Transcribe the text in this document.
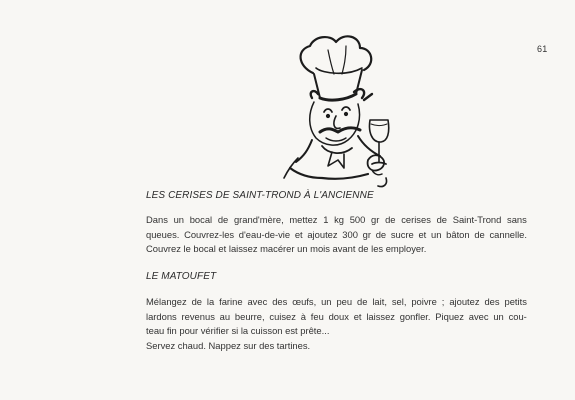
61
LES CERISES DE SAINT-TROND À L'ANCIENNE

Dans un bocal de grand'mère, mettez 1 kg 500 gr de cerises de Saint-Trond sans
queues. Couvrez-les d'eau-de-vie et ajoutez 300 gr de sucre et un bâton de cannelle.
Couvrez le bocal et laissez macérer un mois avant de les employer.

LE MATOUFET

Mélangez de la farine avec des œufs, un peu de lait, sel, poivre ; ajoutez des petits
lardons revenus au beurre, cuisez à feu doux et laissez gonfler. Piquez avec un cou-
teau fin pour vérifier si la cuisson est prête...
Servez chaud. Nappez sur des tartines.
